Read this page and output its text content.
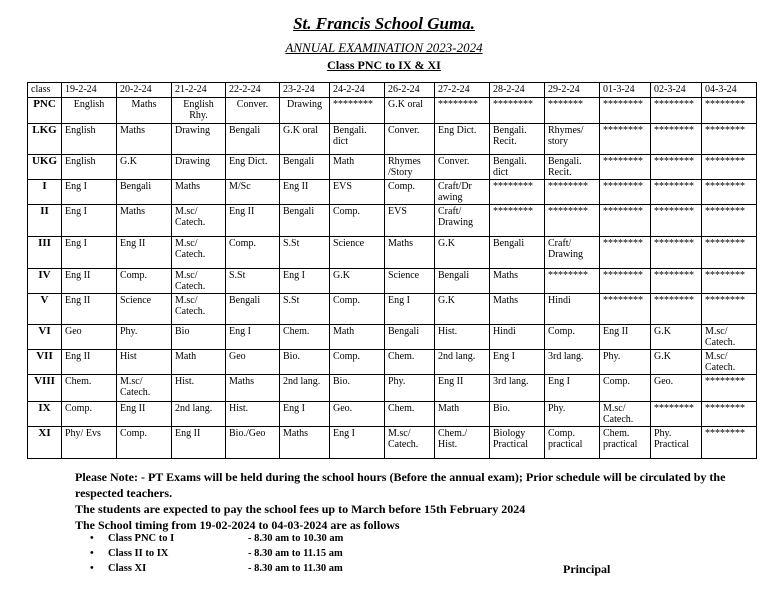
St. Francis School Guma.
ANNUAL EXAMINATION 2023-2024
Class PNC to IX & XI
class	19-2-24	20-2-24	21-2-24	22-2-24	23-2-24	24-2-24	26-2-24	27-2-24	28-2-24	29-2-24	01-3-24	02-3-24	04-3-24
PNC	English	Maths	English Rhy.	Conver.	Drawing	********	G.K oral	********	********	*******	********	********	********
LKG	English	Maths	Drawing	Bengali	G.K oral	Bengali. dict	Conver.	Eng Dict.	Bengali. Recit.	Rhymes/ story	********	********	********
UKG	English	G.K	Drawing	Eng Dict.	Bengali	Math	Rhymes /Story	Conver.	Bengali. dict	Bengali. Recit.	********	********	********
I	Eng I	Bengali	Maths	M/Sc	Eng II	EVS	Comp.	Craft/Dr awing	********	********	********	********	********
II	Eng I	Maths	M.sc/ Catech.	Eng II	Bengali	Comp.	EVS	Craft/ Drawing	********	********	********	********	********
III	Eng I	Eng II	M.sc/ Catech.	Comp.	S.St	Science	Maths	G.K	Bengali	Craft/ Drawing	********	********	********
IV	Eng II	Comp.	M.sc/ Catech.	S.St	Eng I	G.K	Science	Bengali	Maths	********	********	********	********
V	Eng II	Science	M.sc/ Catech.	Bengali	S.St	Comp.	Eng I	G.K	Maths	Hindi	********	********	********
VI	Geo	Phy.	Bio	Eng I	Chem.	Math	Bengali	Hist.	Hindi	Comp.	Eng II	G.K	M.sc/ Catech.
VII	Eng II	Hist	Math	Geo	Bio.	Comp.	Chem.	2nd lang.	Eng I	3rd lang.	Phy.	G.K	M.sc/ Catech.
VIII	Chem.	M.sc/ Catech.	Hist.	Maths	2nd lang.	Bio.	Phy.	Eng II	3rd lang.	Eng I	Comp.	Geo.	********
IX	Comp.	Eng II	2nd lang.	Hist.	Eng I	Geo.	Chem.	Math	Bio.	Phy.	M.sc/ Catech.	********	********
XI	Phy/ Evs	Comp.	Eng II	Bio./Geo	Maths	Eng I	M.sc/ Catech.	Chem./ Hist.	Biology Practical	Comp. practical	Chem. practical	Phy. Practical	********

Please Note: - PT Exams will be held during the school hours (Before the annual exam); Prior schedule will be circulated by the respected teachers.

The students are expected to pay the school fees up to March before 15th February 2024

The School timing from 19-02-2024 to 04-03-2024 are as follows

• Class PNC to I	- 8.30 am to 10.30 am
• Class II to IX	- 8.30 am to 11.15 am
• Class XI	- 8.30 am to 11.30 am	Principal
